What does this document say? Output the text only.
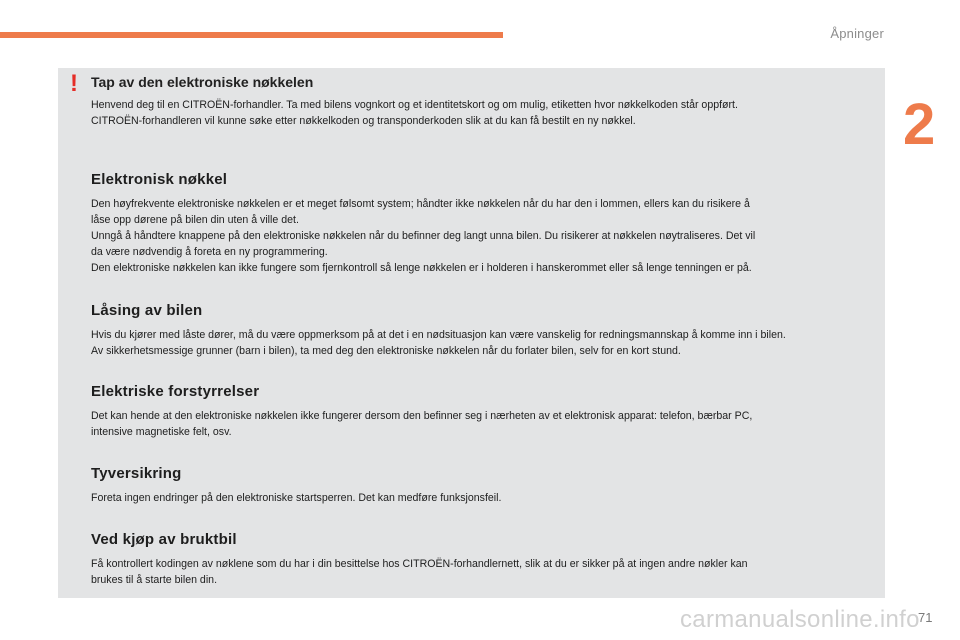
Åpninger
2
! Tap av den elektroniske nøkkelen

Henvend deg til en CITROËN-forhandler. Ta med bilens vognkort og et identitetskort og om mulig, etiketten hvor nøkkelkoden står oppført.
CITROËN-forhandleren vil kunne søke etter nøkkelkoden og transponderkoden slik at du kan få bestilt en ny nøkkel.

Elektronisk nøkkel

Den høyfrekvente elektroniske nøkkelen er et meget følsomt system; håndter ikke nøkkelen når du har den i lommen, ellers kan du risikere å
låse opp dørene på bilen din uten å ville det.
Unngå å håndtere knappene på den elektroniske nøkkelen når du befinner deg langt unna bilen. Du risikerer at nøkkelen nøytraliseres. Det vil
da være nødvendig å foreta en ny programmering.
Den elektroniske nøkkelen kan ikke fungere som fjernkontroll så lenge nøkkelen er i holderen i hanskerommet eller så lenge tenningen er på.

Låsing av bilen

Hvis du kjører med låste dører, må du være oppmerksom på at det i en nødsituasjon kan være vanskelig for redningsmannskap å komme inn i bilen.
Av sikkerhetsmessige grunner (barn i bilen), ta med deg den elektroniske nøkkelen når du forlater bilen, selv for en kort stund.

Elektriske forstyrrelser

Det kan hende at den elektroniske nøkkelen ikke fungerer dersom den befinner seg i nærheten av et elektronisk apparat: telefon, bærbar PC,
intensive magnetiske felt, osv.

Tyversikring

Foreta ingen endringer på den elektroniske startsperren. Det kan medføre funksjonsfeil.

Ved kjøp av bruktbil

Få kontrollert kodingen av nøklene som du har i din besittelse hos CITROËN-forhandlernett, slik at du er sikker på at ingen andre nøkler kan
brukes til å starte bilen din.

carmanualsonline.info
71
